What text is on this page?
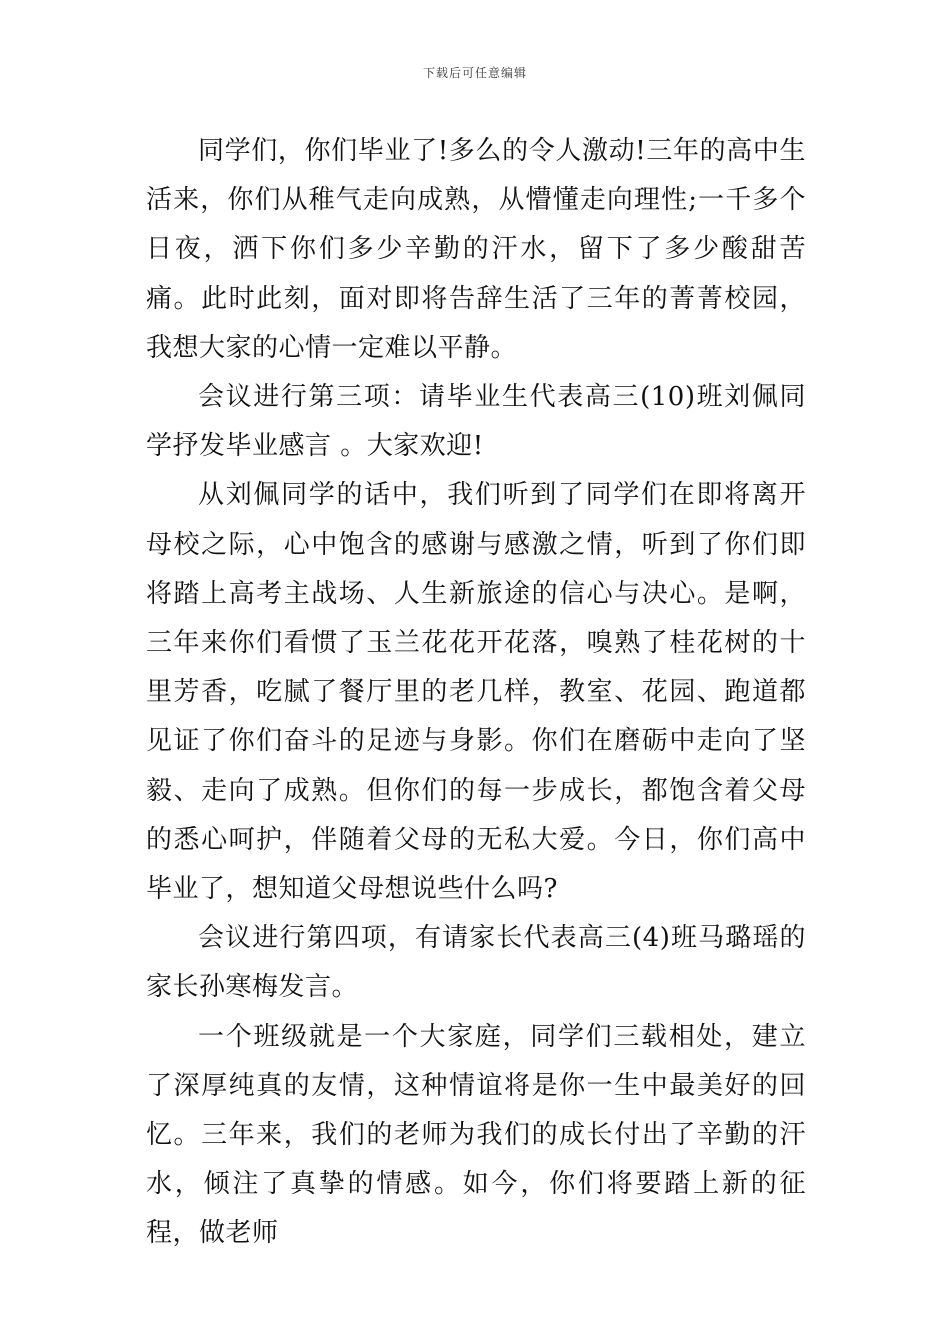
下载后可任意编辑

同学们，你们毕业了!多么的令人激动!三年的高中生活来，你们从稚气走向成熟，从懵懂走向理性;一千多个日夜，洒下你们多少辛勤的汗水，留下了多少酸甜苦痛。此时此刻，面对即将告辞生活了三年的菁菁校园，我想大家的心情一定难以平静。

会议进行第三项：请毕业生代表高三(10)班刘佩同学抒发毕业感言 。大家欢迎!

从刘佩同学的话中，我们听到了同学们在即将离开母校之际，心中饱含的感谢与感激之情，听到了你们即将踏上高考主战场、人生新旅途的信心与决心。是啊，三年来你们看惯了玉兰花花开花落，嗅熟了桂花树的十里芳香，吃腻了餐厅里的老几样，教室、花园、跑道都见证了你们奋斗的足迹与身影。你们在磨砺中走向了坚毅、走向了成熟。但你们的每一步成长，都饱含着父母的悉心呵护，伴随着父母的无私大爱。今日，你们高中毕业了，想知道父母想说些什么吗?

会议进行第四项，有请家长代表高三(4)班马璐瑶的家长孙寒梅发言。

一个班级就是一个大家庭，同学们三载相处，建立了深厚纯真的友情，这种情谊将是你一生中最美好的回忆。三年来，我们的老师为我们的成长付出了辛勤的汗水，倾注了真挚的情感。如今，你们将要踏上新的征程，做老师
